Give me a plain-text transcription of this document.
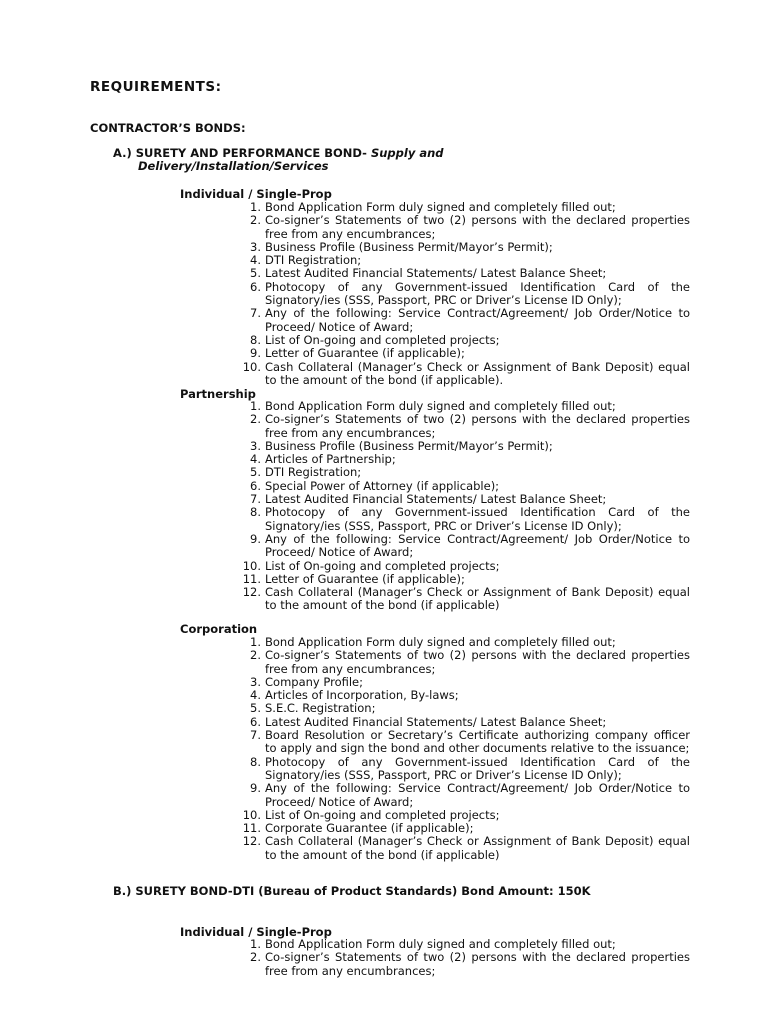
REQUIREMENTS:
CONTRACTOR’S BONDS:
A.) SURETY AND PERFORMANCE BOND- Supply and
Delivery/Installation/Services
Individual / Single-Prop
1. Bond Application Form duly signed and completely filled out;
2. Co-signer’s Statements of two (2) persons with the declared properties free from any encumbrances;
3. Business Profile (Business Permit/Mayor’s Permit);
4. DTI Registration;
5. Latest Audited Financial Statements/ Latest Balance Sheet;
6. Photocopy of any Government-issued Identification Card of the Signatory/ies (SSS, Passport, PRC or Driver’s License ID Only);
7. Any of the following: Service Contract/Agreement/ Job Order/Notice to Proceed/ Notice of Award;
8. List of On-going and completed projects;
9. Letter of Guarantee (if applicable);
10. Cash Collateral (Manager’s Check or Assignment of Bank Deposit) equal to the amount of the bond (if applicable).
Partnership
1. Bond Application Form duly signed and completely filled out;
2. Co-signer’s Statements of two (2) persons with the declared properties free from any encumbrances;
3. Business Profile (Business Permit/Mayor’s Permit);
4. Articles of Partnership;
5. DTI Registration;
6. Special Power of Attorney (if applicable);
7. Latest Audited Financial Statements/ Latest Balance Sheet;
8. Photocopy of any Government-issued Identification Card of the Signatory/ies (SSS, Passport, PRC or Driver’s License ID Only);
9. Any of the following: Service Contract/Agreement/ Job Order/Notice to Proceed/ Notice of Award;
10. List of On-going and completed projects;
11. Letter of Guarantee (if applicable);
12. Cash Collateral (Manager’s Check or Assignment of Bank Deposit) equal to the amount of the bond (if applicable)
Corporation
1. Bond Application Form duly signed and completely filled out;
2. Co-signer’s Statements of two (2) persons with the declared properties free from any encumbrances;
3. Company Profile;
4. Articles of Incorporation, By-laws;
5. S.E.C. Registration;
6. Latest Audited Financial Statements/ Latest Balance Sheet;
7. Board Resolution or Secretary’s Certificate authorizing company officer to apply and sign the bond and other documents relative to the issuance;
8. Photocopy of any Government-issued Identification Card of the Signatory/ies (SSS, Passport, PRC or Driver’s License ID Only);
9. Any of the following: Service Contract/Agreement/ Job Order/Notice to Proceed/ Notice of Award;
10. List of On-going and completed projects;
11. Corporate Guarantee (if applicable);
12. Cash Collateral (Manager’s Check or Assignment of Bank Deposit) equal to the amount of the bond (if applicable)
B.) SURETY BOND-DTI (Bureau of Product Standards) Bond Amount: 150K
Individual / Single-Prop
1. Bond Application Form duly signed and completely filled out;
2. Co-signer’s Statements of two (2) persons with the declared properties free from any encumbrances;
